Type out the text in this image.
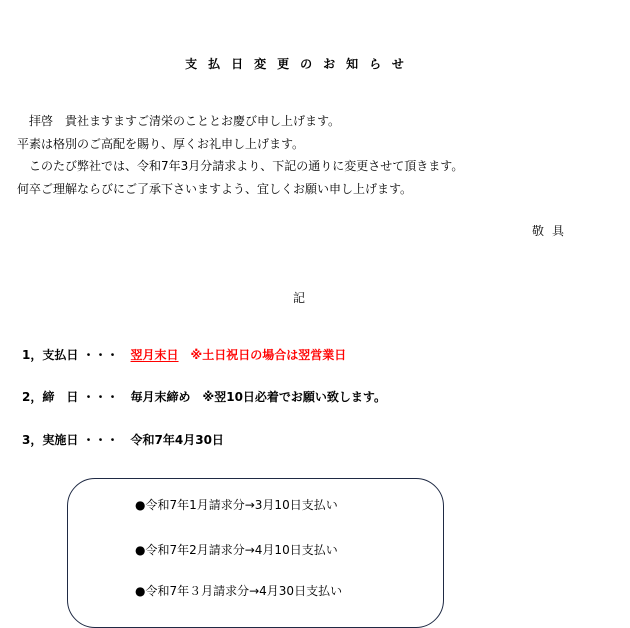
支払日変更のお知らせ
　拝啓　貴社ますますご清栄のこととお慶び申し上げます。
平素は格別のご高配を賜り、厚くお礼申し上げます。
　このたび弊社では、令和7年3月分請求より、下記の通りに変更させて頂きます。
何卒ご理解ならびにご了承下さいますよう、宜しくお願い申し上げます。
敬具
記
1，支払日 ・・・ 翌月末日 ※土日祝日の場合は翌営業日
2，締　日 ・・・ 毎月末締め ※翌10日必着でお願い致します。
3，実施日 ・・・ 令和7年4月30日
●令和7年1月請求分→3月10日支払い
●令和7年2月請求分→4月10日支払い
●令和7年３月請求分→4月30日支払い
